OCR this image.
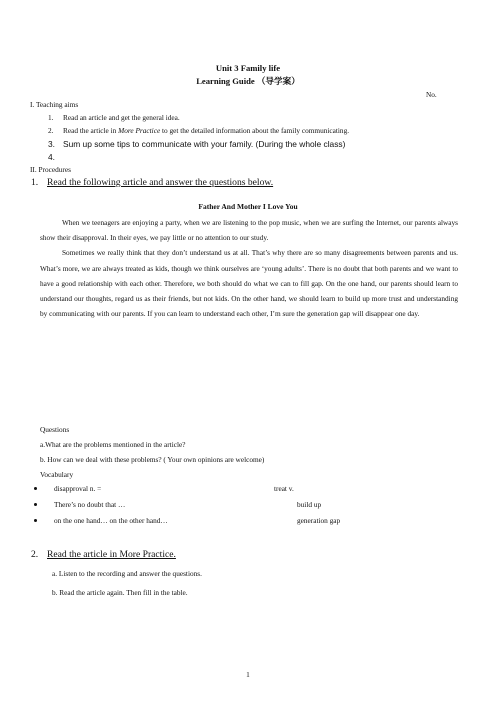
Unit 3 Family life
Learning Guide （导学案）
No.
I. Teaching aims
1. Read an article and get the general idea.
2. Read the article in More Practice to get the detailed information about the family communicating.
3. Sum up some tips to communicate with your family. (During the whole class)
4.
II. Procedures
1. Read the following article and answer the questions below.
Father And Mother I Love You

When we teenagers are enjoying a party, when we are listening to the pop music, when we are surfing the Internet, our parents always show their disapproval. In their eyes, we pay little or no attention to our study.

Sometimes we really think that they don’t understand us at all. That’s why there are so many disagreements between parents and us. What’s more, we are always treated as kids, though we think ourselves are ‘young adults’. There is no doubt that both parents and we want to have a good relationship with each other. Therefore, we both should do what we can to fill gap. On the one hand, our parents should learn to understand our thoughts, regard us as their friends, but not kids. On the other hand, we should learn to build up more trust and understanding by communicating with our parents. If you can learn to understand each other, I’m sure the generation gap will disappear one day.

Questions
a.What are the problems mentioned in the article?
b. How can we deal with these problems? ( Your own opinions are welcome)
Vocabulary
disapproval n. =	treat v.
There’s no doubt that …	build up
on the one hand… on the other hand…	generation gap
2. Read the article in More Practice.
a. Listen to the recording and answer the questions.
b. Read the article again. Then fill in the table.
1
